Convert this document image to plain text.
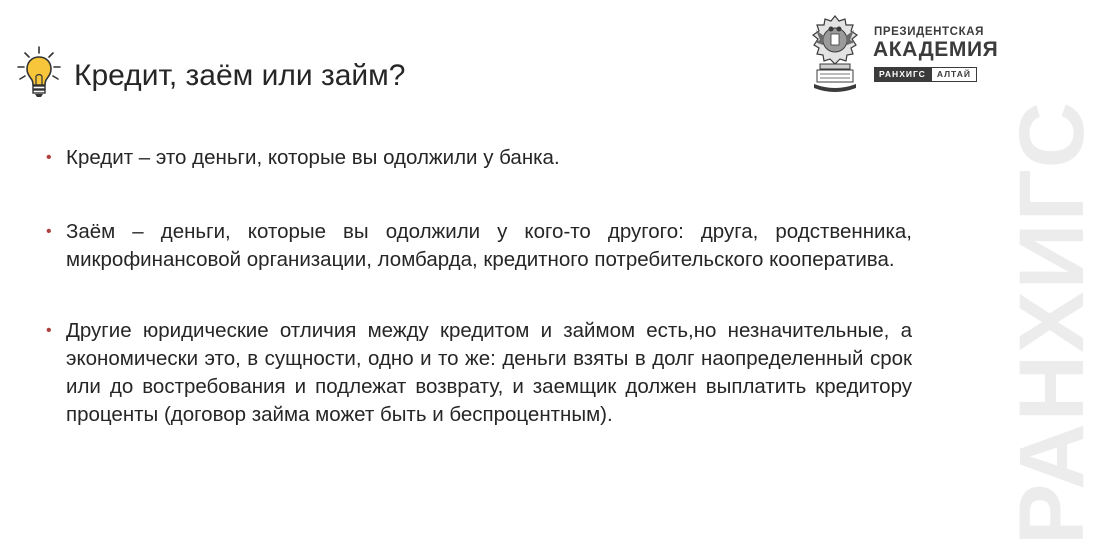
РАНХИГС
Кредит, заём или займ?
ПРЕЗИДЕНТСКАЯ
АКАДЕМИЯ
РАНХИГС	АЛТАЙ
• Кредит – это деньги, которые вы одолжили у банка.
• Заём – деньги, которые вы одолжили у кого-то другого: друга, родственника, микрофинансовой организации, ломбарда, кредитного потребительского кооператива.
• Другие юридические отличия между кредитом и займом есть,но незначительные, а экономически это, в сущности, одно и то же: деньги взяты в долг наопределенный срок или до востребования и подлежат возврату, и заемщик должен выплатить кредитору проценты (договор займа может быть и беспроцентным).
